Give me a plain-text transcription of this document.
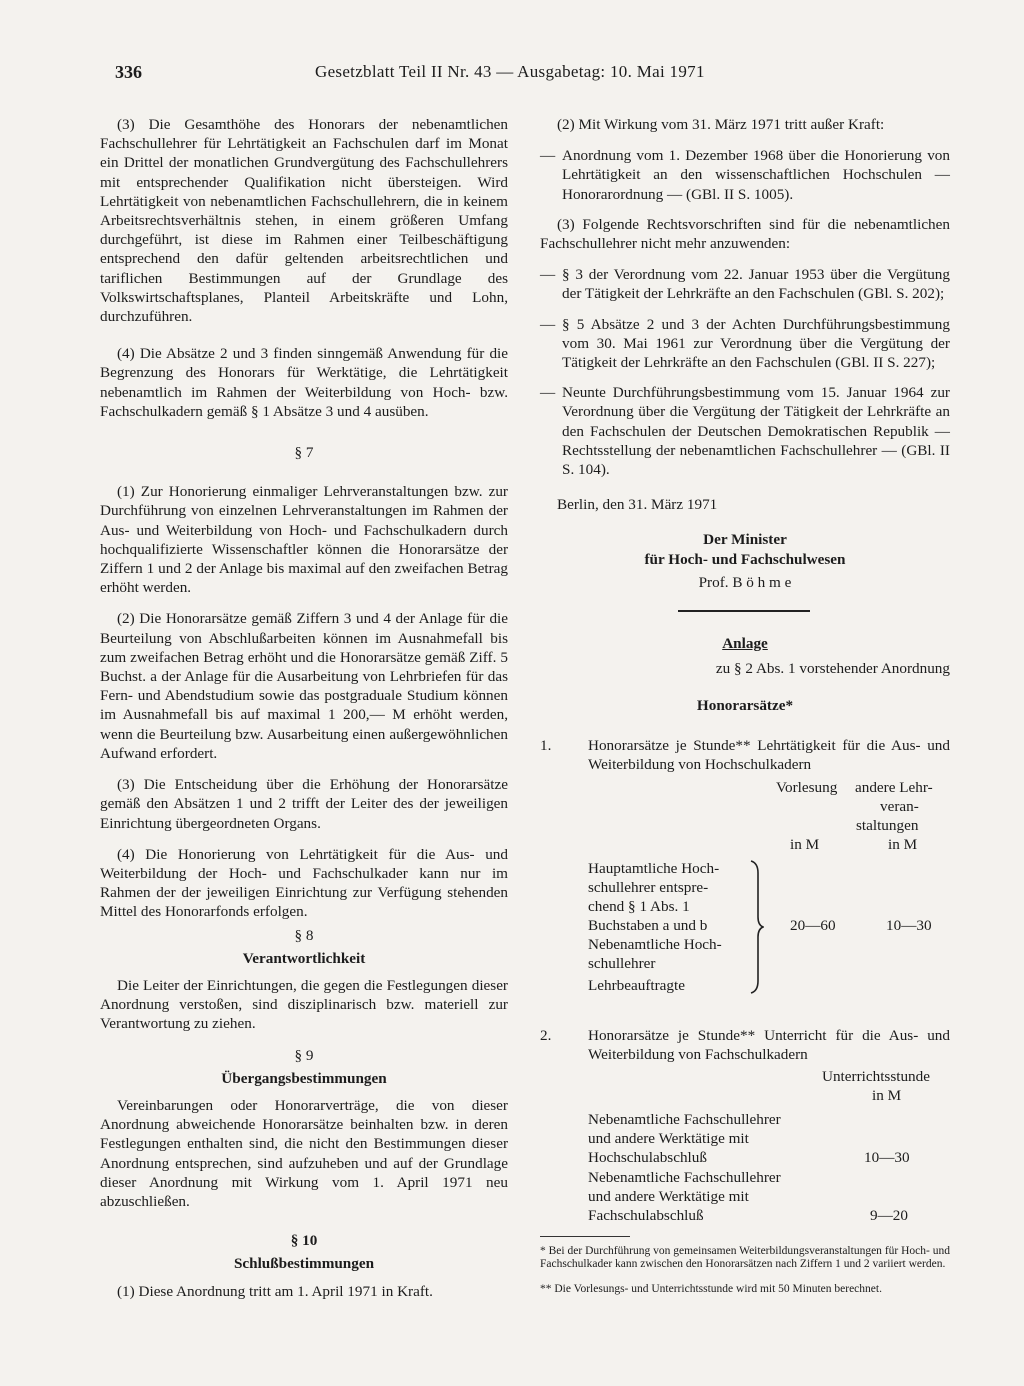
336	Gesetzblatt Teil II Nr. 43 — Ausgabetag: 10. Mai 1971

(3) Die Gesamthöhe des Honorars der nebenamtlichen Fachschullehrer für Lehrtätigkeit an Fachschulen darf im Monat ein Drittel der monatlichen Grundvergütung des Fachschullehrers mit entsprechender Qualifikation nicht übersteigen. Wird Lehrtätigkeit von nebenamtlichen Fachschullehrern, die in keinem Arbeitsrechtsverhältnis stehen, in einem größeren Umfang durchgeführt, ist diese im Rahmen einer Teilbeschäftigung entsprechend den dafür geltenden arbeitsrechtlichen und tariflichen Bestimmungen auf der Grundlage des Volkswirtschaftsplanes, Planteil Arbeitskräfte und Lohn, durchzuführen.

(4) Die Absätze 2 und 3 finden sinngemäß Anwendung für die Begrenzung des Honorars für Werktätige, die Lehrtätigkeit nebenamtlich im Rahmen der Weiterbildung von Hoch- bzw. Fachschulkadern gemäß § 1 Absätze 3 und 4 ausüben.

§ 7

(1) Zur Honorierung einmaliger Lehrveranstaltungen bzw. zur Durchführung von einzelnen Lehrveranstaltungen im Rahmen der Aus- und Weiterbildung von Hoch- und Fachschulkadern durch hochqualifizierte Wissenschaftler können die Honorarsätze der Ziffern 1 und 2 der Anlage bis maximal auf den zweifachen Betrag erhöht werden.

(2) Die Honorarsätze gemäß Ziffern 3 und 4 der Anlage für die Beurteilung von Abschlußarbeiten können im Ausnahmefall bis zum zweifachen Betrag erhöht und die Honorarsätze gemäß Ziff. 5 Buchst. a der Anlage für die Ausarbeitung von Lehrbriefen für das Fern- und Abendstudium sowie das postgraduale Studium können im Ausnahmefall bis auf maximal 1 200,— M erhöht werden, wenn die Beurteilung bzw. Ausarbeitung einen außergewöhnlichen Aufwand erfordert.

(3) Die Entscheidung über die Erhöhung der Honorarsätze gemäß den Absätzen 1 und 2 trifft der Leiter des der jeweiligen Einrichtung übergeordneten Organs.

(4) Die Honorierung von Lehrtätigkeit für die Aus- und Weiterbildung der Hoch- und Fachschulkader kann nur im Rahmen der der jeweiligen Einrichtung zur Verfügung stehenden Mittel des Honorarfonds erfolgen.

§ 8
Verantwortlichkeit

Die Leiter der Einrichtungen, die gegen die Festlegungen dieser Anordnung verstoßen, sind disziplinarisch bzw. materiell zur Verantwortung zu ziehen.

§ 9
Übergangsbestimmungen

Vereinbarungen oder Honorarverträge, die von dieser Anordnung abweichende Honorarsätze beinhalten bzw. in deren Festlegungen enthalten sind, die nicht den Bestimmungen dieser Anordnung entsprechen, sind aufzuheben und auf der Grundlage dieser Anordnung mit Wirkung vom 1. April 1971 neu abzuschließen.

§ 10
Schlußbestimmungen

(1) Diese Anordnung tritt am 1. April 1971 in Kraft.

(2) Mit Wirkung vom 31. März 1971 tritt außer Kraft:

— Anordnung vom 1. Dezember 1968 über die Honorierung von Lehrtätigkeit an den wissenschaftlichen Hochschulen — Honorarordnung — (GBl. II S. 1005).

(3) Folgende Rechtsvorschriften sind für die nebenamtlichen Fachschullehrer nicht mehr anzuwenden:

— § 3 der Verordnung vom 22. Januar 1953 über die Vergütung der Tätigkeit der Lehrkräfte an den Fachschulen (GBl. S. 202);
— § 5 Absätze 2 und 3 der Achten Durchführungsbestimmung vom 30. Mai 1961 zur Verordnung über die Vergütung der Tätigkeit der Lehrkräfte an den Fachschulen (GBl. II S. 227);
— Neunte Durchführungsbestimmung vom 15. Januar 1964 zur Verordnung über die Vergütung der Tätigkeit der Lehrkräfte an den Fachschulen der Deutschen Demokratischen Republik — Rechtsstellung der nebenamtlichen Fachschullehrer — (GBl. II S. 104).

Berlin, den 31. März 1971

Der Minister
für Hoch- und Fachschulwesen
Prof. B ö h m e
Anlage
zu § 2 Abs. 1 vorstehender Anordnung
Honorarsätze*
1. Honorarsätze je Stunde** Lehrtätigkeit für die Aus- und Weiterbildung von Hochschulkadern
Vorlesung andere Lehr-
veran-
staltungen
in M	in M
Hauptamtliche Hoch-
schullehrer entspre-
chend § 1 Abs. 1
Buchstaben a und b
Nebenamtliche Hoch-
schullehrer
Lehrbeauftragte
20—60	10—30
2. Honorarsätze je Stunde** Unterricht für die Aus- und Weiterbildung von Fachschulkadern
Unterrichtsstunde
in M
Nebenamtliche Fachschullehrer
und andere Werktätige mit
Hochschulabschluß	10—30
Nebenamtliche Fachschullehrer
und andere Werktätige mit
Fachschulabschluß	9—20

* Bei der Durchführung von gemeinsamen Weiterbildungsveranstaltungen für Hoch- und Fachschulkader kann zwischen den Honorarsätzen nach Ziffern 1 und 2 variiert werden.

** Die Vorlesungs- und Unterrichtsstunde wird mit 50 Minuten berechnet.
